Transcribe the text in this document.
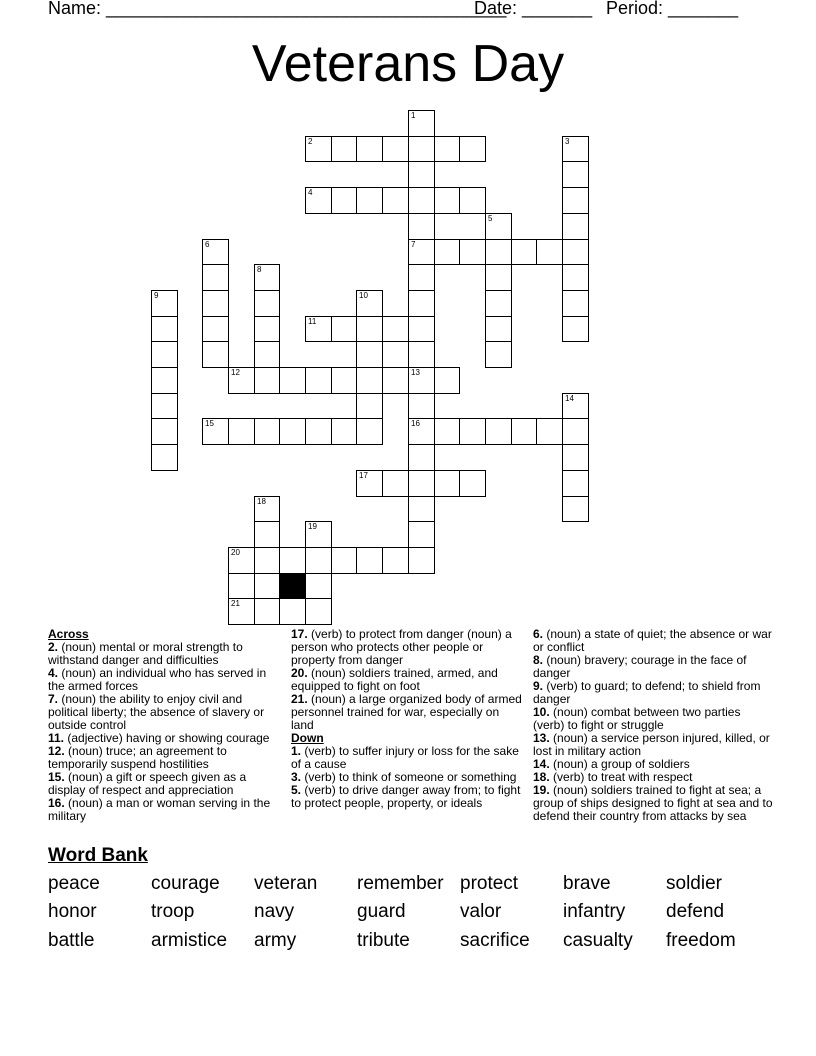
Name: ________________________________________
Date: _______ Period: _______
Veterans Day
2
4
7
11
12	13
15	16
17
20
21
1
3
5
6
8
9	10
14
18
19
Across
2. (noun) mental or moral strength to withstand danger and difficulties
4. (noun) an individual who has served in the armed forces
7. (noun) the ability to enjoy civil and political liberty; the absence of slavery or outside control
11. (adjective) having or showing courage
12. (noun) truce; an agreement to temporarily suspend hostilities
15. (noun) a gift or speech given as a display of respect and appreciation
16. (noun) a man or woman serving in the military
17. (verb) to protect from danger (noun) a person who protects other people or property from danger
20. (noun) soldiers trained, armed, and equipped to fight on foot
21. (noun) a large organized body of armed personnel trained for war, especially on land
Down
1. (verb) to suffer injury or loss for the sake of a cause
3. (verb) to think of someone or something
5. (verb) to drive danger away from; to fight to protect people, property, or ideals
6. (noun) a state of quiet; the absence or war or conflict
8. (noun) bravery; courage in the face of danger
9. (verb) to guard; to defend; to shield from danger
10. (noun) combat between two parties (verb) to fight or struggle
13. (noun) a service person injured, killed, or lost in military action
14. (noun) a group of soldiers
18. (verb) to treat with respect
19. (noun) soldiers trained to fight at sea; a group of ships designed to fight at sea and to defend their country from attacks by sea
Word Bank
peace	courage veteran remember protect brave	soldier
honor	troop	navy	guard	valor	infantry defend
battle	armistice army	tribute	sacrifice casualty freedom
